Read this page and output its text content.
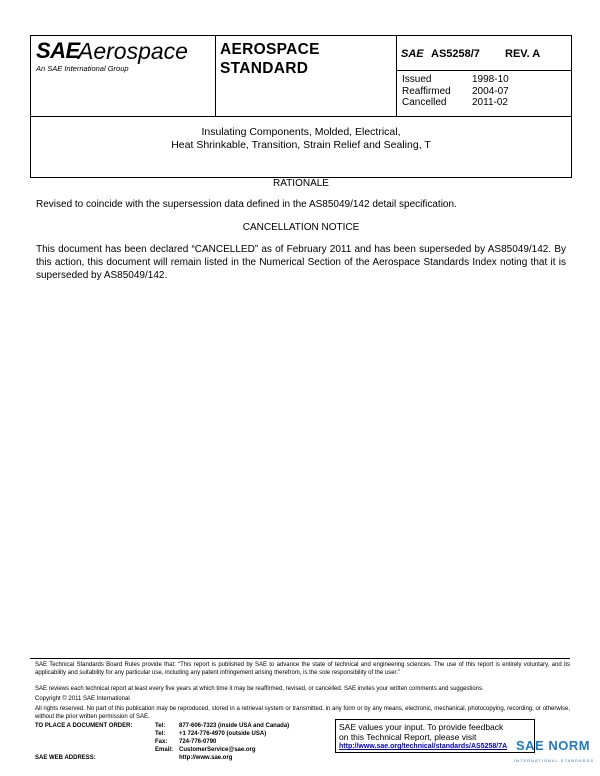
SAE
Aerospace
An SAE International Group
AEROSPACE
STANDARD
SAE AS5258/7 REV. A
Issued	1998-10
Reaffirmed	2004-07
Cancelled	2011-02
Insulating Components, Molded, Electrical,
Heat Shrinkable, Transition, Strain Relief and Sealing, T
RATIONALE
Revised to coincide with the supersession data defined in the AS85049/142 detail specification.
CANCELLATION NOTICE
This document has been declared “CANCELLED” as of February 2011 and has been superseded by AS85049/142. By this action, this document will remain listed in the Numerical Section of the Aerospace Standards Index noting that it is superseded by AS85049/142.
SAE Technical Standards Board Rules provide that: “This report is published by SAE to advance the state of technical and engineering sciences. The use of this report is entirely voluntary, and its applicability and suitability for any particular use, including any patent infringement arising therefrom, is the sole responsibility of the user.”
SAE reviews each technical report at least every five years at which time it may be reaffirmed, revised, or cancelled. SAE invites your written comments and suggestions.
Copyright © 2011 SAE International
All rights reserved. No part of this publication may be reproduced, stored in a retrieval system or transmitted, in any form or by any means, electronic, mechanical, photocopying, recording, or otherwise, without the prior written permission of SAE.
TO PLACE A DOCUMENT ORDER:	Tel:	877-606-7323 (inside USA and Canada)
Tel:	+1 724-776-4970 (outside USA)
Fax:	724-776-0790
Email: CustomerService@sae.org
SAE WEB ADDRESS:	http://www.sae.org
SAE values your input. To provide feedback
on this Technical Report, please visit
http://www.sae.org/technical/standards/AS5258/7A SAE NORM
INTERNATIONAL STANDARDS
